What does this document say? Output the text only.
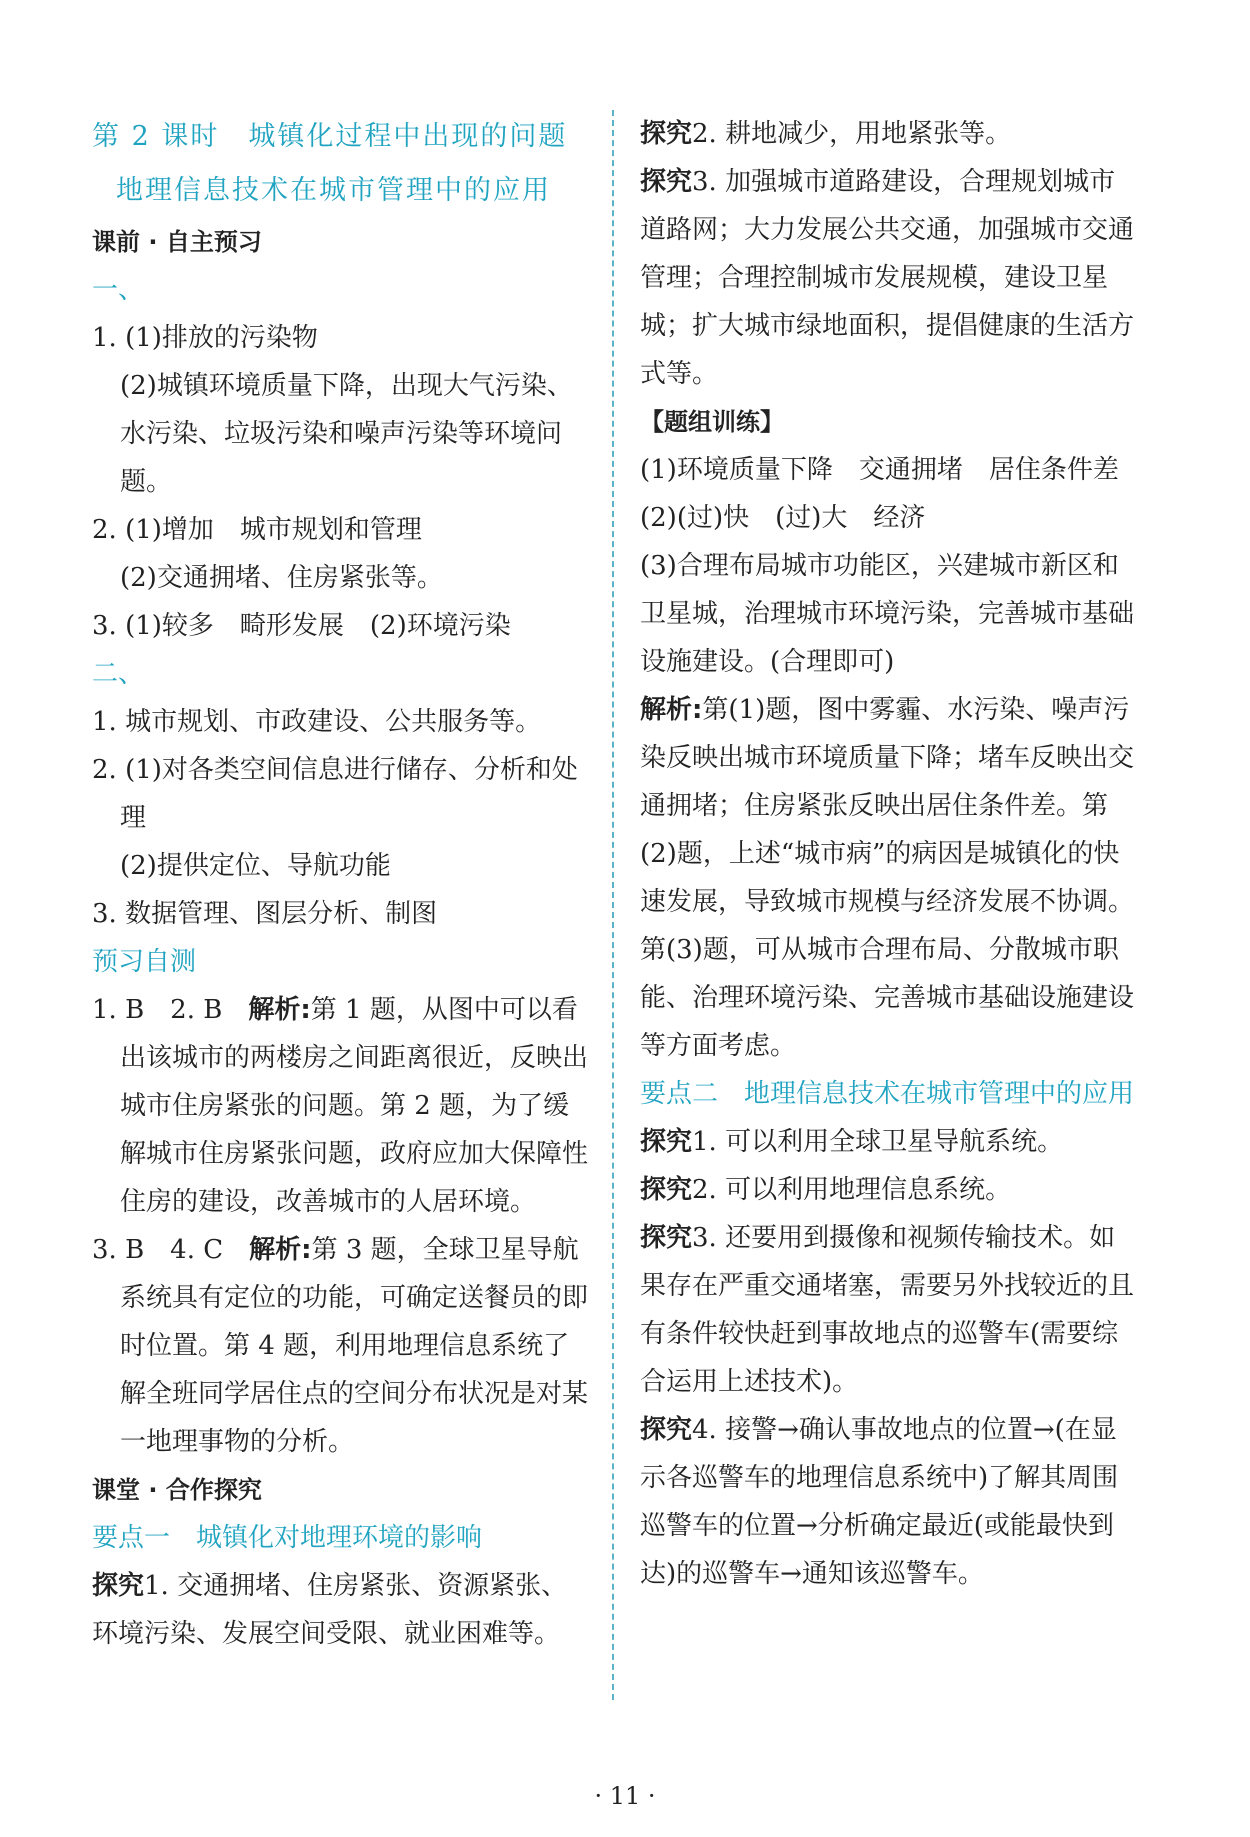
第 2 课时　城镇化过程中出现的问题
地理信息技术在城市管理中的应用
课前 · 自主预习
一、
1. (1)排放的污染物
(2)城镇环境质量下降，出现大气污染、水污染、垃圾污染和噪声污染等环境问题。
2. (1)增加　城市规划和管理
(2)交通拥堵、住房紧张等。
3. (1)较多　畸形发展　(2)环境污染
二、
1. 城市规划、市政建设、公共服务等。
2. (1)对各类空间信息进行储存、分析和处理
(2)提供定位、导航功能
3. 数据管理、图层分析、制图
预习自测
1. B　2. B　解析:第 1 题，从图中可以看出该城市的两楼房之间距离很近，反映出城市住房紧张的问题。第 2 题，为了缓解城市住房紧张问题，政府应加大保障性住房的建设，改善城市的人居环境。
3. B　4. C　解析:第 3 题，全球卫星导航系统具有定位的功能，可确定送餐员的即时位置。第 4 题，利用地理信息系统了解全班同学居住点的空间分布状况是对某一地理事物的分析。
课堂 · 合作探究
要点一　城镇化对地理环境的影响
探究1. 交通拥堵、住房紧张、资源紧张、环境污染、发展空间受限、就业困难等。
探究2. 耕地减少，用地紧张等。
探究3. 加强城市道路建设，合理规划城市道路网；大力发展公共交通，加强城市交通管理；合理控制城市发展规模，建设卫星城；扩大城市绿地面积，提倡健康的生活方式等。
【题组训练】
(1)环境质量下降　交通拥堵　居住条件差
(2)(过)快　(过)大　经济
(3)合理布局城市功能区，兴建城市新区和卫星城，治理城市环境污染，完善城市基础设施建设。(合理即可)
解析:第(1)题，图中雾霾、水污染、噪声污染反映出城市环境质量下降；堵车反映出交通拥堵；住房紧张反映出居住条件差。第(2)题，上述“城市病”的病因是城镇化的快速发展，导致城市规模与经济发展不协调。第(3)题，可从城市合理布局、分散城市职能、治理环境污染、完善城市基础设施建设等方面考虑。
要点二　地理信息技术在城市管理中的应用
探究1. 可以利用全球卫星导航系统。
探究2. 可以利用地理信息系统。
探究3. 还要用到摄像和视频传输技术。如果存在严重交通堵塞，需要另外找较近的且有条件较快赶到事故地点的巡警车(需要综合运用上述技术)。
探究4. 接警→确认事故地点的位置→(在显示各巡警车的地理信息系统中)了解其周围巡警车的位置→分析确定最近(或能最快到达)的巡警车→通知该巡警车。
· 11 ·
